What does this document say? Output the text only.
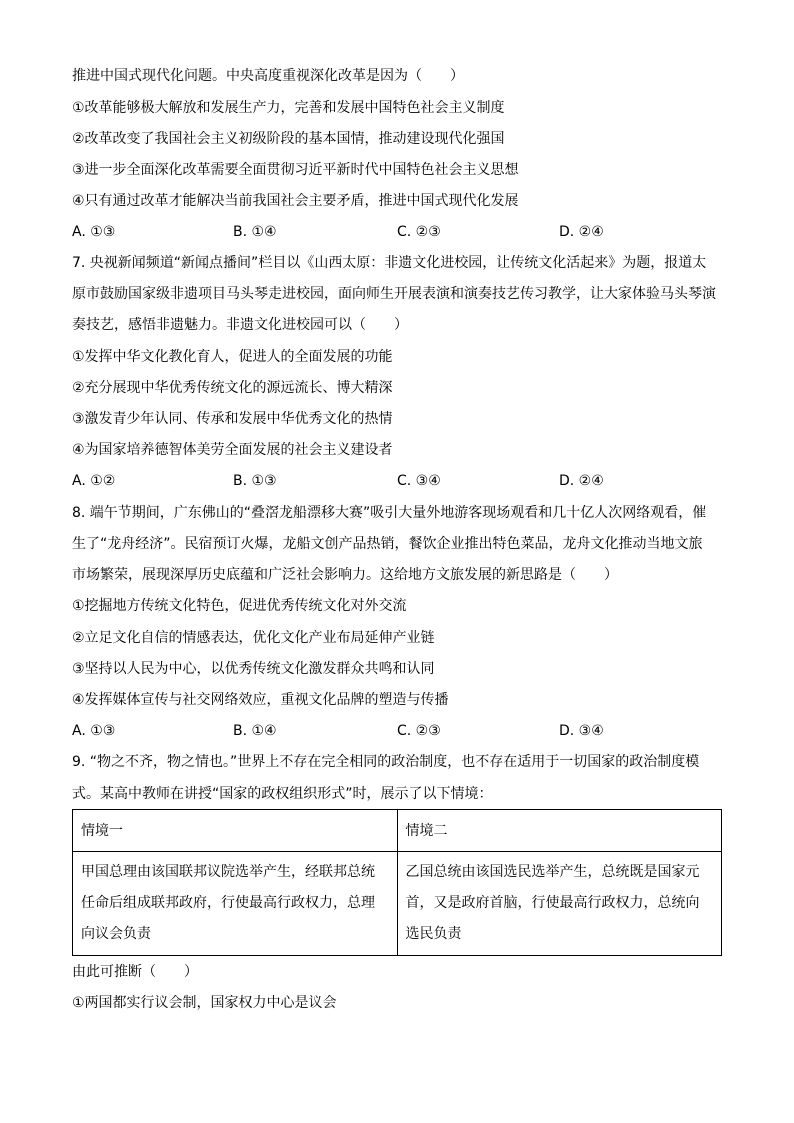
推进中国式现代化问题。中央高度重视深化改革是因为（　　）
①改革能够极大解放和发展生产力，完善和发展中国特色社会主义制度
②改革改变了我国社会主义初级阶段的基本国情，推动建设现代化强国
③进一步全面深化改革需要全面贯彻习近平新时代中国特色社会主义思想
④只有通过改革才能解决当前我国社会主要矛盾，推进中国式现代化发展
A. ①③	B. ①④	C. ②③	D. ②④
7. 央视新闻频道“新闻点播间”栏目以《山西太原：非遗文化进校园，让传统文化活起来》为题，报道太
原市鼓励国家级非遗项目马头琴走进校园，面向师生开展表演和演奏技艺传习教学，让大家体验马头琴演
奏技艺，感悟非遗魅力。非遗文化进校园可以（　　）
①发挥中华文化教化育人，促进人的全面发展的功能
②充分展现中华优秀传统文化的源远流长、博大精深
③激发青少年认同、传承和发展中华优秀文化的热情
④为国家培养德智体美劳全面发展的社会主义建设者
A. ①②	B. ①③	C. ③④	D. ②④
8. 端午节期间，广东佛山的“叠滘龙船漂移大赛”吸引大量外地游客现场观看和几十亿人次网络观看，催
生了“龙舟经济”。民宿预订火爆，龙船文创产品热销，餐饮企业推出特色菜品，龙舟文化推动当地文旅
市场繁荣，展现深厚历史底蕴和广泛社会影响力。这给地方文旅发展的新思路是（　　）
①挖掘地方传统文化特色，促进优秀传统文化对外交流
②立足文化自信的情感表达，优化文化产业布局延伸产业链
③坚持以人民为中心，以优秀传统文化激发群众共鸣和认同
④发挥媒体宣传与社交网络效应，重视文化品牌的塑造与传播
A. ①③	B. ①④	C. ②③	D. ③④
9. “物之不齐，物之情也。”世界上不存在完全相同的政治制度，也不存在适用于一切国家的政治制度模
式。某高中教师在讲授“国家的政权组织形式”时，展示了以下情境：
情境一	情境二
甲国总理由该国联邦议院选举产生，经联邦总统任命后组成联邦政府，行使最高行政权力，总理向议会负责	乙国总统由该国选民选举产生，总统既是国家元首，又是政府首脑，行使最高行政权力，总统向选民负责
由此可推断（　　）
①两国都实行议会制，国家权力中心是议会
